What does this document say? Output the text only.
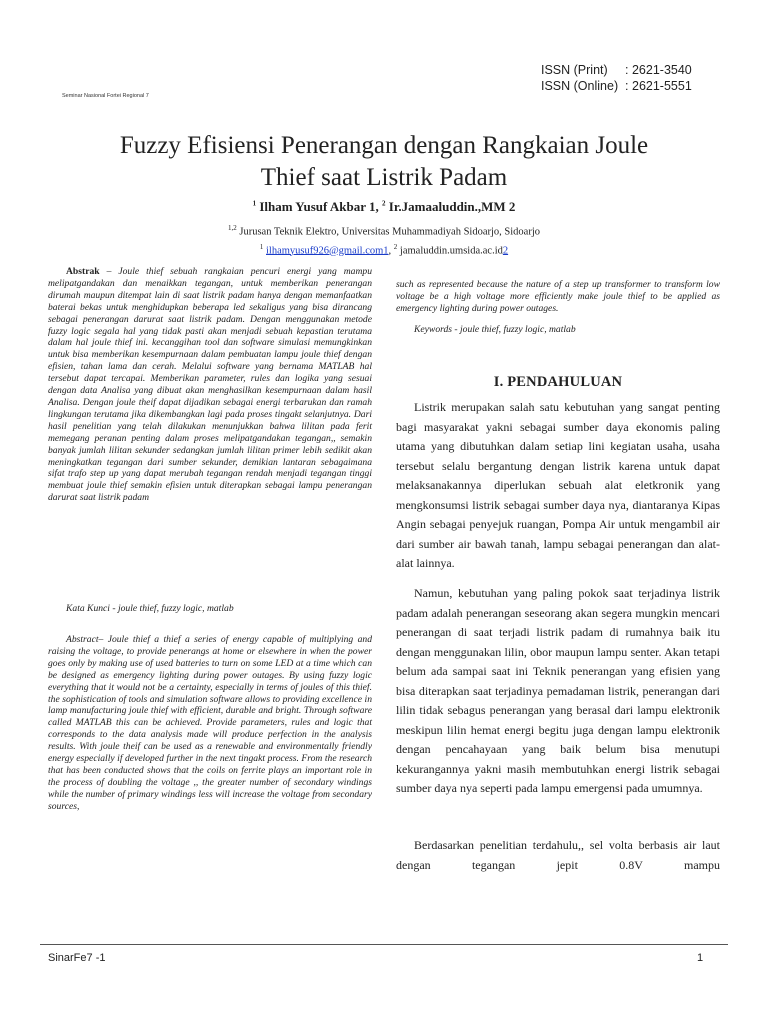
ISSN (Print)     : 2621-3540
ISSN (Online)  : 2621-5551
Seminar Nasional Fortei Regional 7
Fuzzy Efisiensi Penerangan dengan Rangkaian Joule
Thief saat Listrik Padam
$^1$ Ilham Yusuf Akbar 1, $^2$ Ir.Jamaaluddin.,MM 2
$^{1,2}$ Jurusan Teknik Elektro, Universitas Muhammadiyah Sidoarjo, Sidoarjo
$^1$ ilhamyusuf926@gmail.com1, $^2$ jamaluddin.umsida.ac.id2
Abstrak – Joule thief sebuah rangkaian pencuri energi yang mampu melipatgandakan dan menaikkan tegangan, untuk memberikan penerangan dirumah maupun ditempat lain di saat listrik padam hanya dengan memanfaatkan baterai bekas untuk menghidupkan beberapa led sekaligus yang bisa dirancang sebagai penerangan darurat saat listrik padam. Dengan menggunakan metode fuzzy logic segala hal yang tidak pasti akan menjadi sebuah kepastian terutama dalam hal joule thief ini. kecanggihan tool dan software simulasi memungkinkan untuk bisa memberikan kesempurnaan dalam pembuatan lampu joule thief dengan efisien, tahan lama dan cerah. Melalui software yang bernama MATLAB hal tersebut dapat tercapai. Memberikan parameter, rules dan logika yang sesuai dengan data Analisa yang dibuat akan menghasilkan kesempurnaan dalam hasil Analisa. Dengan joule theif dapat dijadikan sebagai energi terbarukan dan ramah lingkungan terutama jika dikembangkan lagi pada proses tingakt selanjutnya. Dari hasil penelitian yang telah dilakukan menunjukkan bahwa lilitan pada ferit memegang peranan penting dalam proses melipatgandakan tegangan,, semakin banyak jumlah lilitan sekunder sedangkan jumlah lilitan primer lebih sedikit akan meningkatkan tegangan dari sumber sekunder, demikian lantaran sebagaimana sifat trafo step up yang dapat merubah tegangan rendah menjadi tegangan tinggi membuat joule thief semakin efisien untuk diterapkan sebagai lampu penerangan darurat saat listrik padam
Kata Kunci - joule thief, fuzzy logic, matlab
Abstract– Joule thief a thief a series of energy capable of multiplying and raising the voltage, to provide penerangs at home or elsewhere in when the power goes only by making use of used batteries to turn on some LED at a time which can be designed as emergency lighting during power outages. By using fuzzy logic everything that it would not be a certainty, especially in terms of joules of this thief. the sophistication of tools and simulation software allows to providing excellence in lamp manufacturing joule thief with efficient, durable and bright. Through software called MATLAB this can be achieved. Provide parameters, rules and logic that corresponds to the data analysis made will produce perfection in the analysis results. With joule theif can be used as a renewable and environmentally friendly energy especially if developed further in the next tingakt process. From the research that has been conducted shows that the coils on ferrite plays an important role in the process of doubling the voltage ,, the greater number of secondary windings while the number of primary windings less will increase the voltage from secondary sources,
such as represented because the nature of a step up transformer to transform low voltage be a high voltage more efficiently make joule thief to be applied as emergency lighting during power outages.
Keywords - joule thief, fuzzy logic, matlab
I. PENDAHULUAN
Listrik merupakan salah satu kebutuhan yang sangat penting bagi masyarakat yakni sebagai sumber daya ekonomis paling utama yang dibutuhkan dalam setiap lini kegiatan usaha, usaha tersebut selalu bergantung dengan listrik karena untuk dapat melaksanakannya diperlukan sebuah alat eletkronik yang mengkonsumsi listrik sebagai sumber daya nya, diantaranya Kipas Angin sebagai penyejuk ruangan, Pompa Air untuk mengambil air dari sumber air bawah tanah, lampu sebagai penerangan dan alat-alat lainnya.
Namun, kebutuhan yang paling pokok saat terjadinya listrik padam adalah penerangan seseorang akan segera mungkin mencari penerangan di saat terjadi listrik padam di rumahnya baik itu dengan menggunakan lilin, obor maupun lampu senter. Akan tetapi belum ada sampai saat ini Teknik penerangan yang efisien yang bisa diterapkan saat terjadinya pemadaman listrik, penerangan dari lilin tidak sebagus penerangan yang berasal dari lampu elektronik meskipun lilin hemat energi begitu juga dengan lampu elektronik dengan pencahayaan yang baik belum bisa menutupi kekurangannya yakni masih membutuhkan energi listrik sebagai sumber daya nya seperti pada lampu emergensi pada umumnya.
Berdasarkan penelitian terdahulu,, sel volta berbasis air laut dengan tegangan jepit 0.8V mampu
SinarFe7 -1	1
